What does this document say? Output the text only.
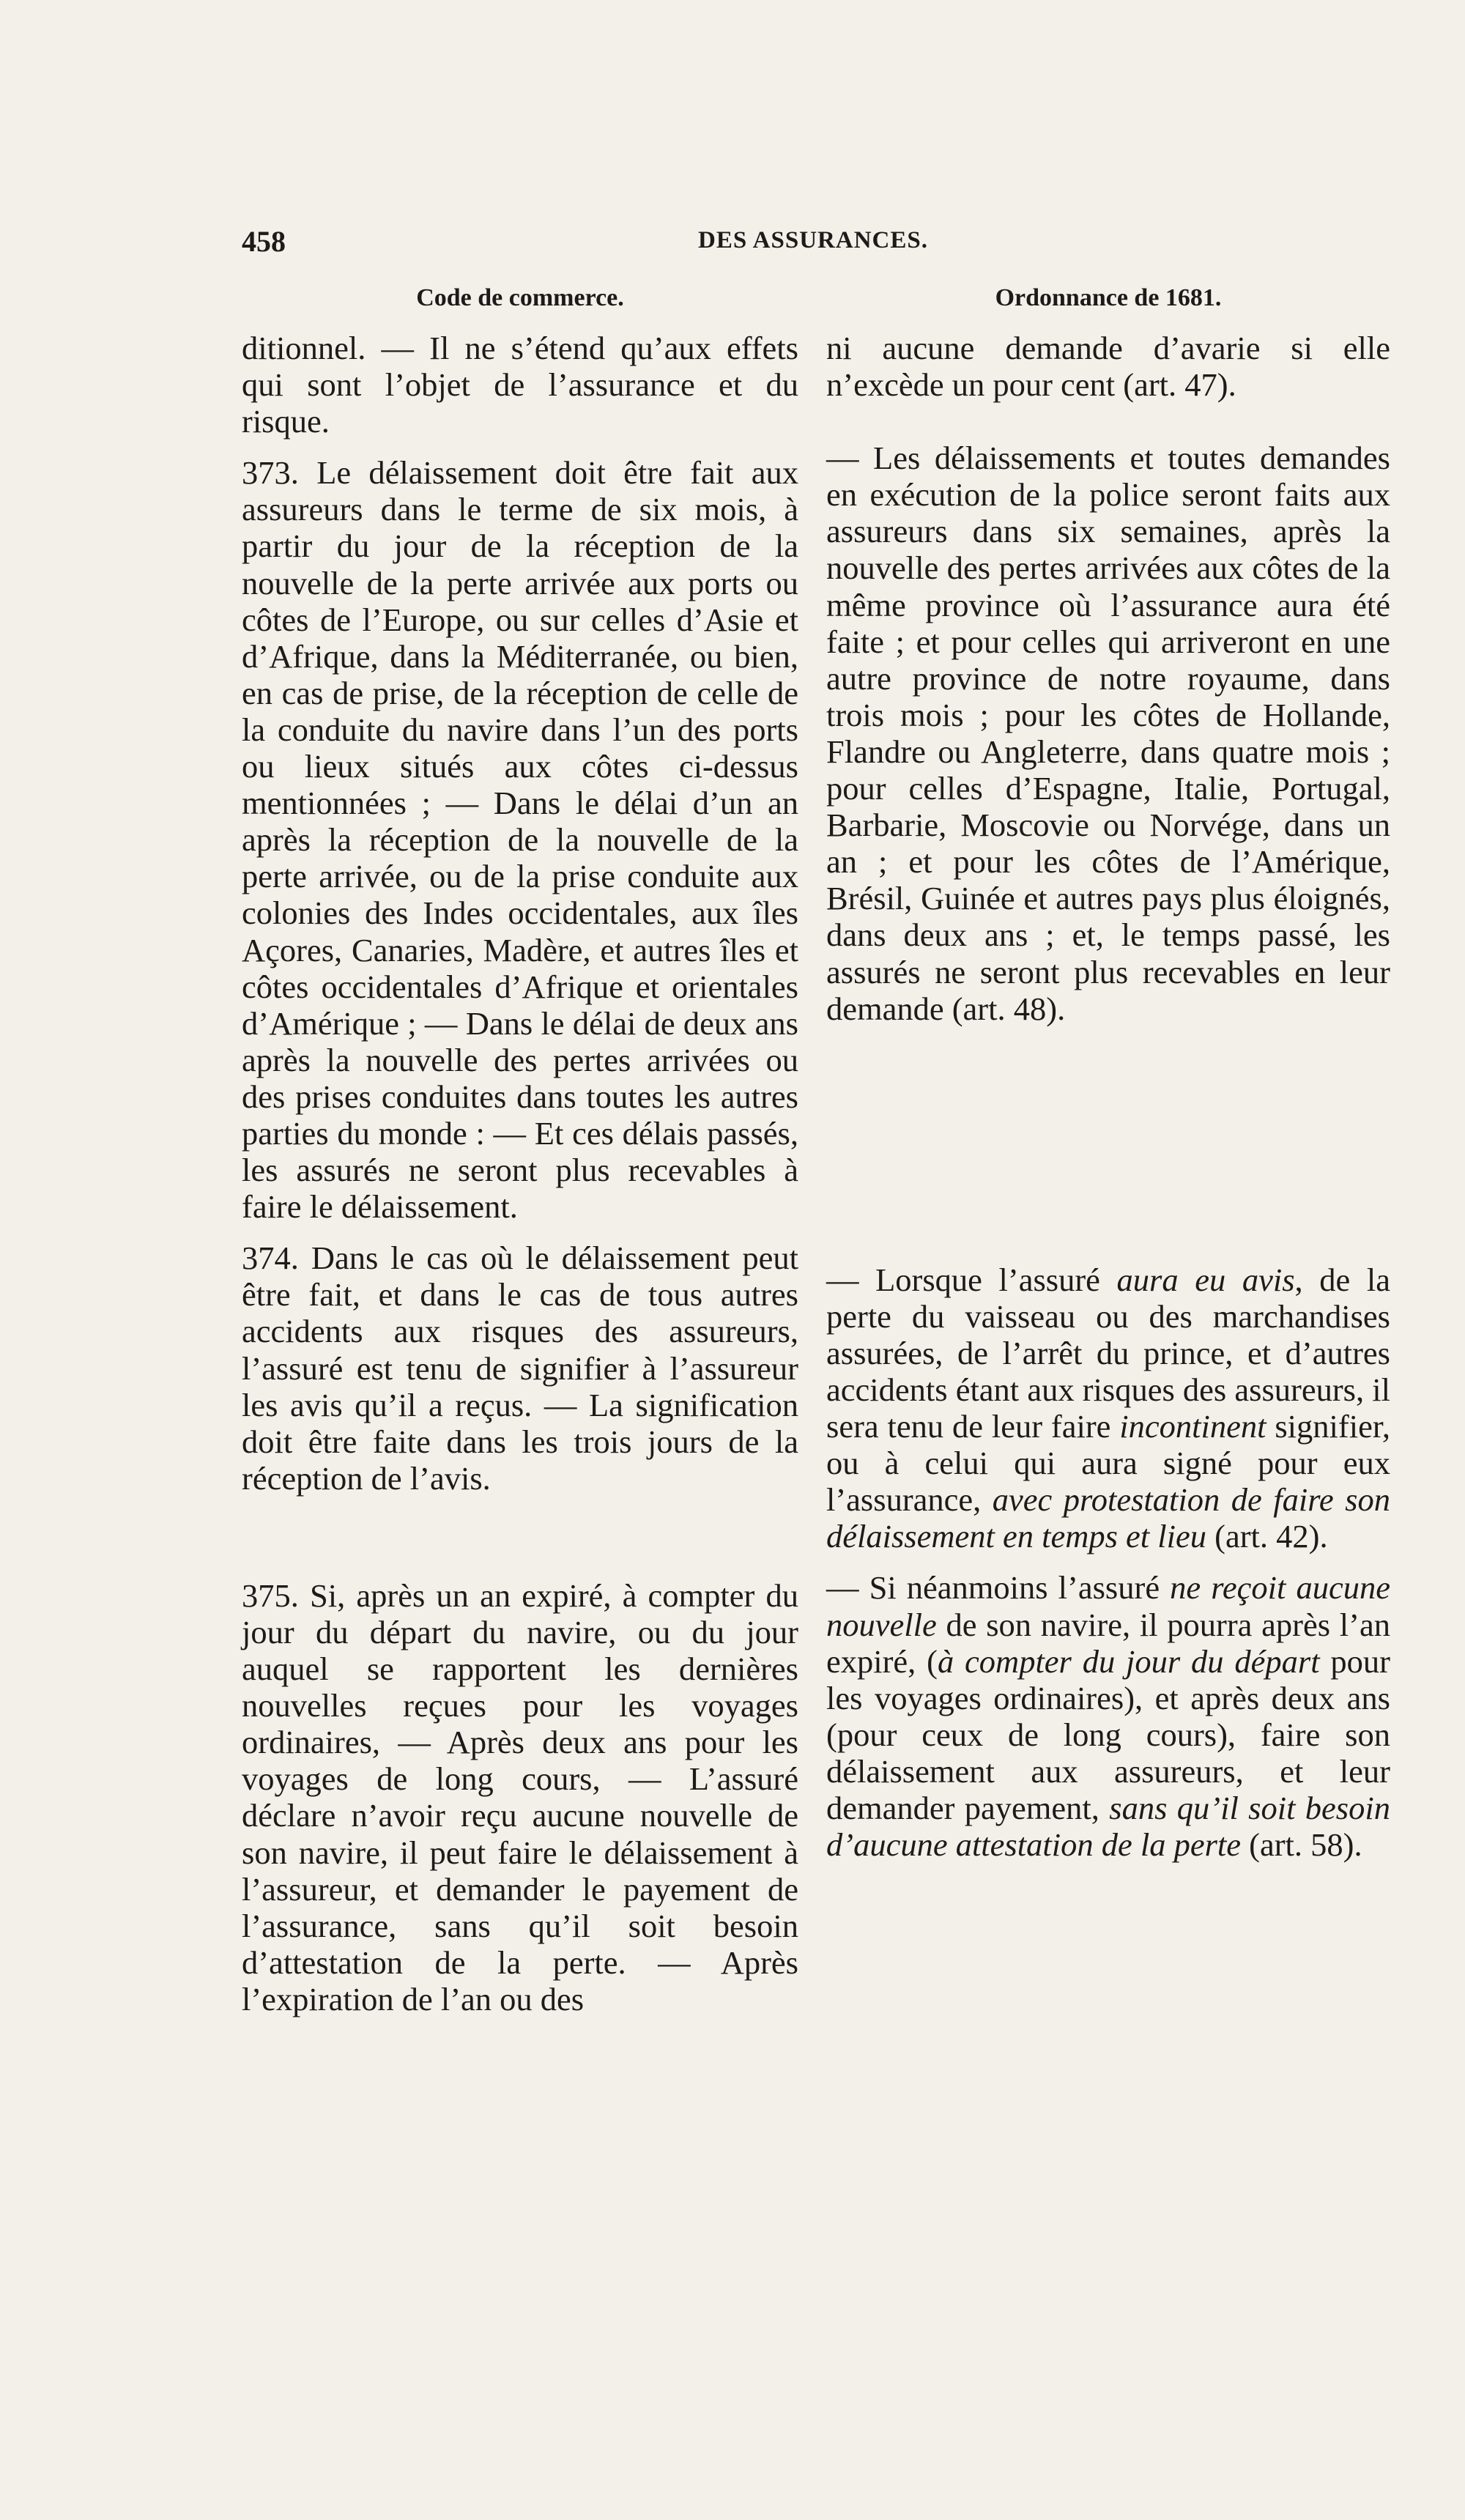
458	DES ASSURANCES.
Code de commerce.	Ordonnance de 1681.

ditionnel. — Il ne s’étend qu’aux effets qui sont l’objet de l’assurance et du risque.

373. Le délaissement doit être fait aux assureurs dans le terme de six mois, à partir du jour de la réception de la nouvelle de la perte arrivée aux ports ou côtes de l’Europe, ou sur celles d’Asie et d’Afrique, dans la Méditerranée, ou bien, en cas de prise, de la réception de celle de la conduite du navire dans l’un des ports ou lieux situés aux côtes ci-dessus mentionnées ; — Dans le délai d’un an après la réception de la nouvelle de la perte arrivée, ou de la prise conduite aux colonies des Indes occidentales, aux îles Açores, Canaries, Madère, et autres îles et côtes occidentales d’Afrique et orientales d’Amérique ; — Dans le délai de deux ans après la nouvelle des pertes arrivées ou des prises conduites dans toutes les autres parties du monde : — Et ces délais passés, les assurés ne seront plus recevables à faire le délaissement.

374. Dans le cas où le délaissement peut être fait, et dans le cas de tous autres accidents aux risques des assureurs, l’assuré est tenu de signifier à l’assureur les avis qu’il a reçus. — La signification doit être faite dans les trois jours de la réception de l’avis.

375. Si, après un an expiré, à compter du jour du départ du navire, ou du jour auquel se rapportent les dernières nouvelles reçues pour les voyages ordinaires, — Après deux ans pour les voyages de long cours, — L’assuré déclare n’avoir reçu aucune nouvelle de son navire, il peut faire le délaissement à l’assureur, et demander le payement de l’assurance, sans qu’il soit besoin d’attestation de la perte. — Après l’expiration de l’an ou des

ni aucune demande d’avarie si elle n’excède un pour cent (art. 47).

— Les délaissements et toutes demandes en exécution de la police seront faits aux assureurs dans six semaines, après la nouvelle des pertes arrivées aux côtes de la même province où l’assurance aura été faite ; et pour celles qui arriveront en une autre province de notre royaume, dans trois mois ; pour les côtes de Hollande, Flandre ou Angleterre, dans quatre mois ; pour celles d’Espagne, Italie, Portugal, Barbarie, Moscovie ou Norvége, dans un an ; et pour les côtes de l’Amérique, Brésil, Guinée et autres pays plus éloignés, dans deux ans ; et, le temps passé, les assurés ne seront plus recevables en leur demande (art. 48).

— Lorsque l’assuré aura eu avis, de la perte du vaisseau ou des marchandises assurées, de l’arrêt du prince, et d’autres accidents étant aux risques des assureurs, il sera tenu de leur faire incontinent signifier, ou à celui qui aura signé pour eux l’assurance, avec protestation de faire son délaissement en temps et lieu (art. 42).

— Si néanmoins l’assuré ne reçoit aucune nouvelle de son navire, il pourra après l’an expiré, (à compter du jour du départ pour les voyages ordinaires), et après deux ans (pour ceux de long cours), faire son délaissement aux assureurs, et leur demander payement, sans qu’il soit besoin d’aucune attestation de la perte (art. 58).
